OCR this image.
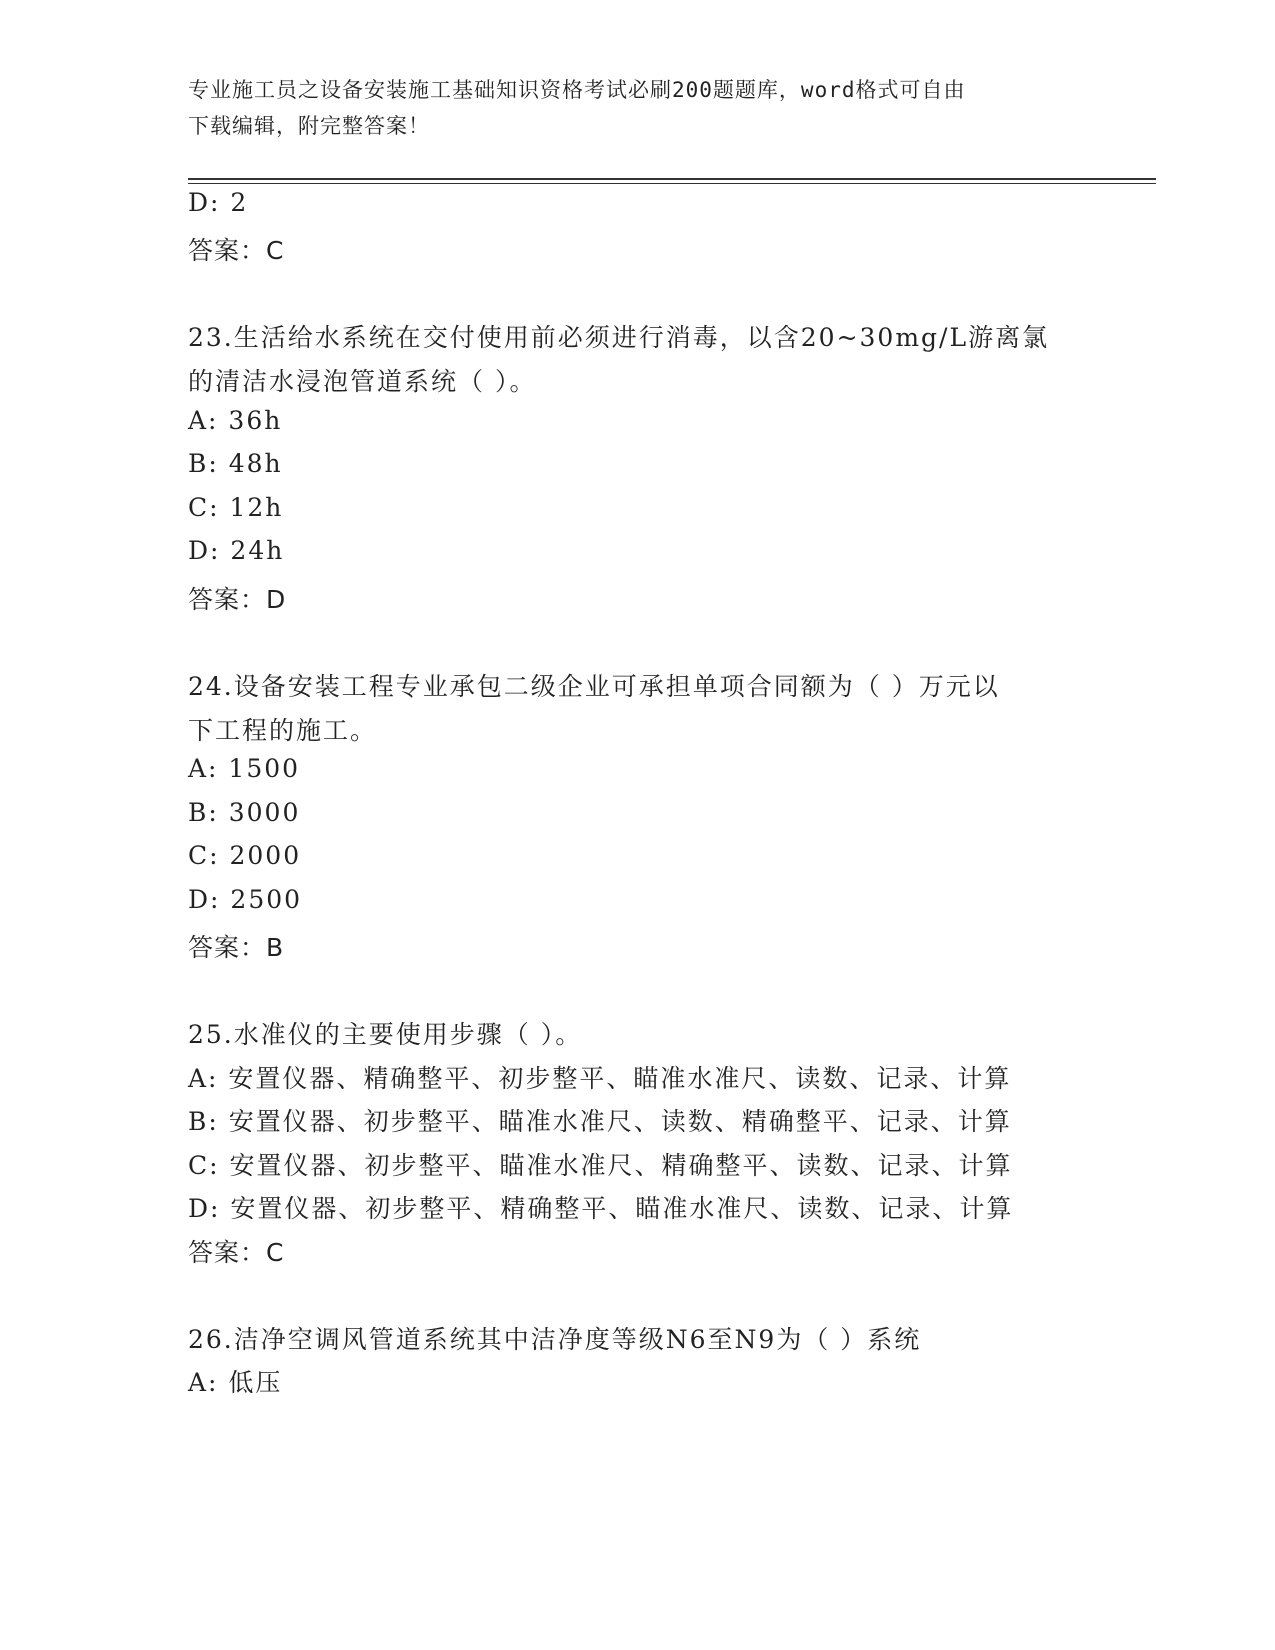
专业施工员之设备安装施工基础知识资格考试必刷200题题库，word格式可自由
下载编辑，附完整答案！
D: 2
答案：C
23.生活给水系统在交付使用前必须进行消毒，以含20~30mg/L游离氯
的清洁水浸泡管道系统（ ）。
A: 36h
B: 48h
C: 12h
D: 24h
答案：D
24.设备安装工程专业承包二级企业可承担单项合同额为（ ）万元以
下工程的施工。
A: 1500
B: 3000
C: 2000
D: 2500
答案：B
25.水准仪的主要使用步骤（ ）。
A: 安置仪器、精确整平、初步整平、瞄准水准尺、读数、记录、计算
B: 安置仪器、初步整平、瞄准水准尺、读数、精确整平、记录、计算
C: 安置仪器、初步整平、瞄准水准尺、精确整平、读数、记录、计算
D: 安置仪器、初步整平、精确整平、瞄准水准尺、读数、记录、计算
答案：C
26.洁净空调风管道系统其中洁净度等级N6至N9为（ ）系统
A: 低压
